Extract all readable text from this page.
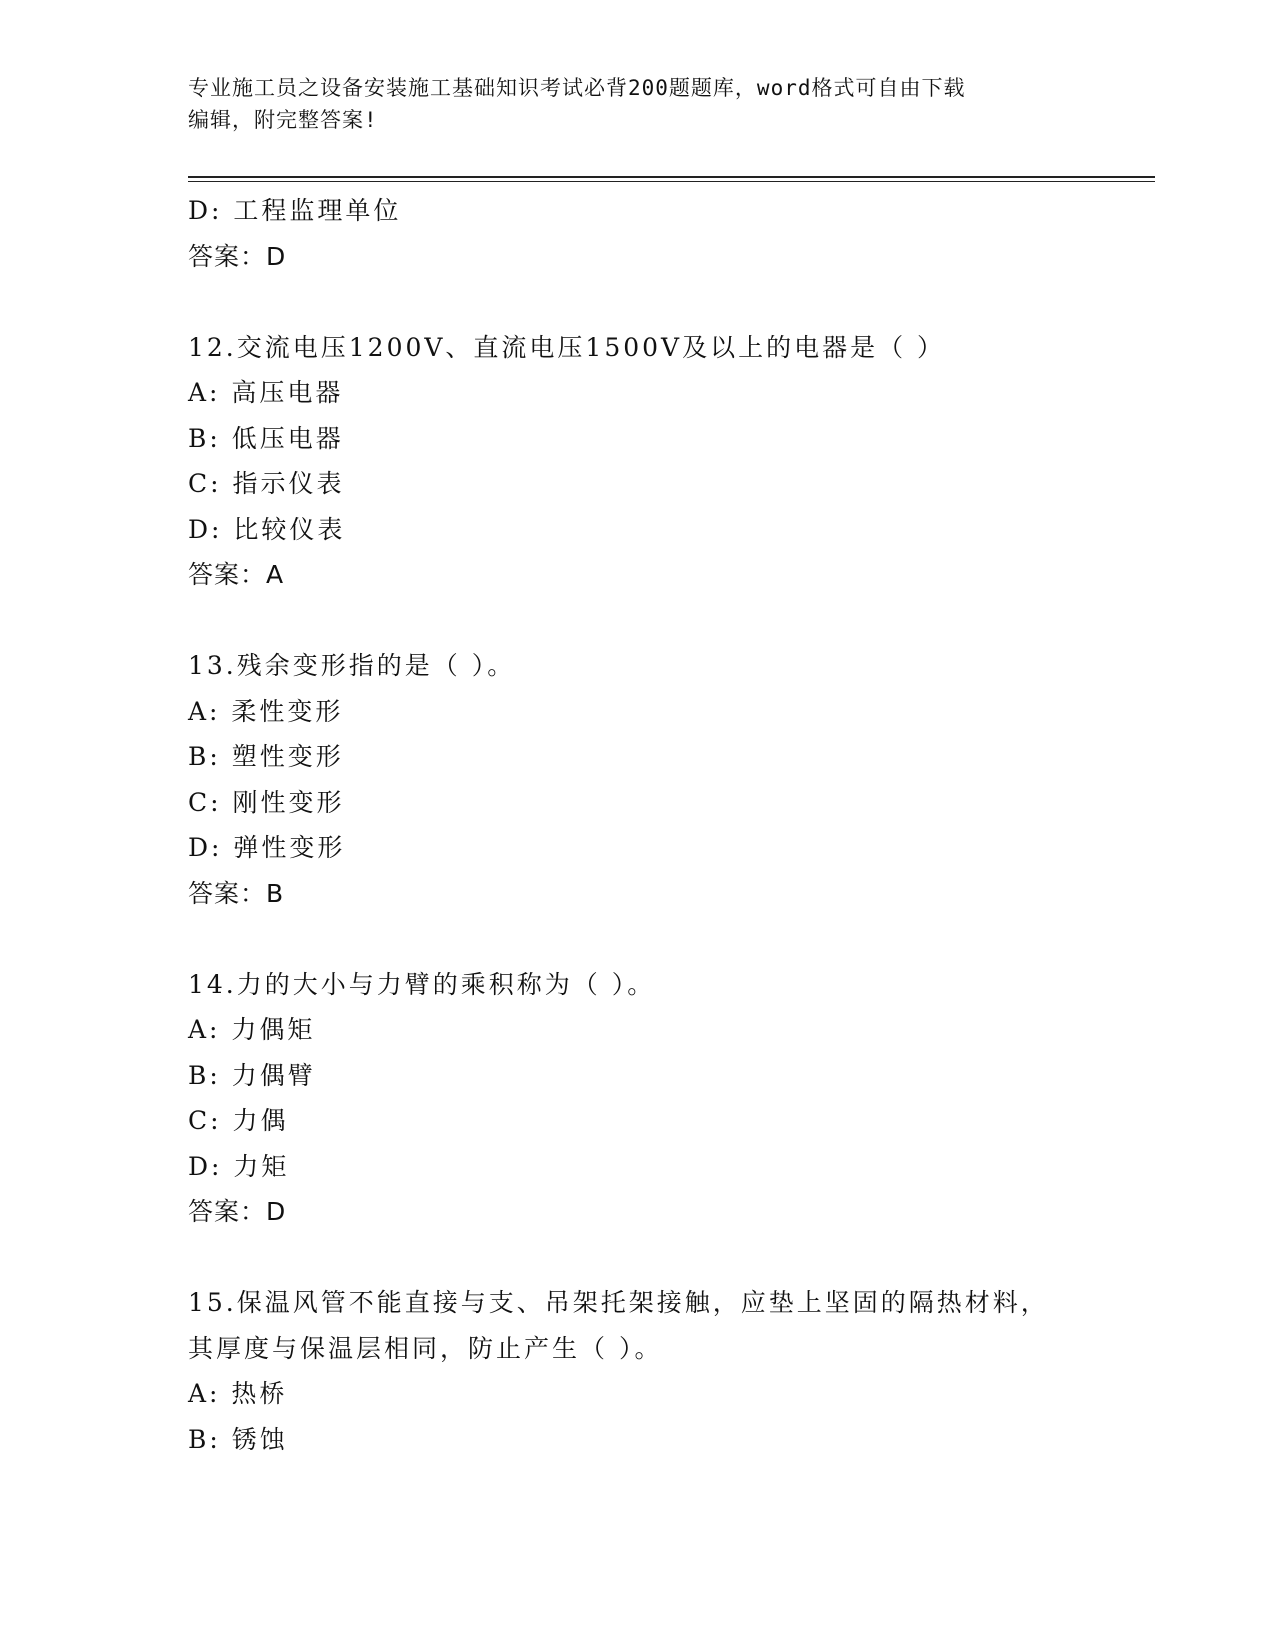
专业施工员之设备安装施工基础知识考试必背200题题库，word格式可自由下载
编辑，附完整答案!
D: 工程监理单位
答案：D
12.交流电压1200V、直流电压1500V及以上的电器是（ ）
A: 高压电器
B: 低压电器
C: 指示仪表
D: 比较仪表
答案：A
13.残余变形指的是（ ）。
A: 柔性变形
B: 塑性变形
C: 刚性变形
D: 弹性变形
答案：B
14.力的大小与力臂的乘积称为（ ）。
A: 力偶矩
B: 力偶臂
C: 力偶
D: 力矩
答案：D
15.保温风管不能直接与支、吊架托架接触，应垫上坚固的隔热材料，
其厚度与保温层相同，防止产生（ ）。
A: 热桥
B: 锈蚀
